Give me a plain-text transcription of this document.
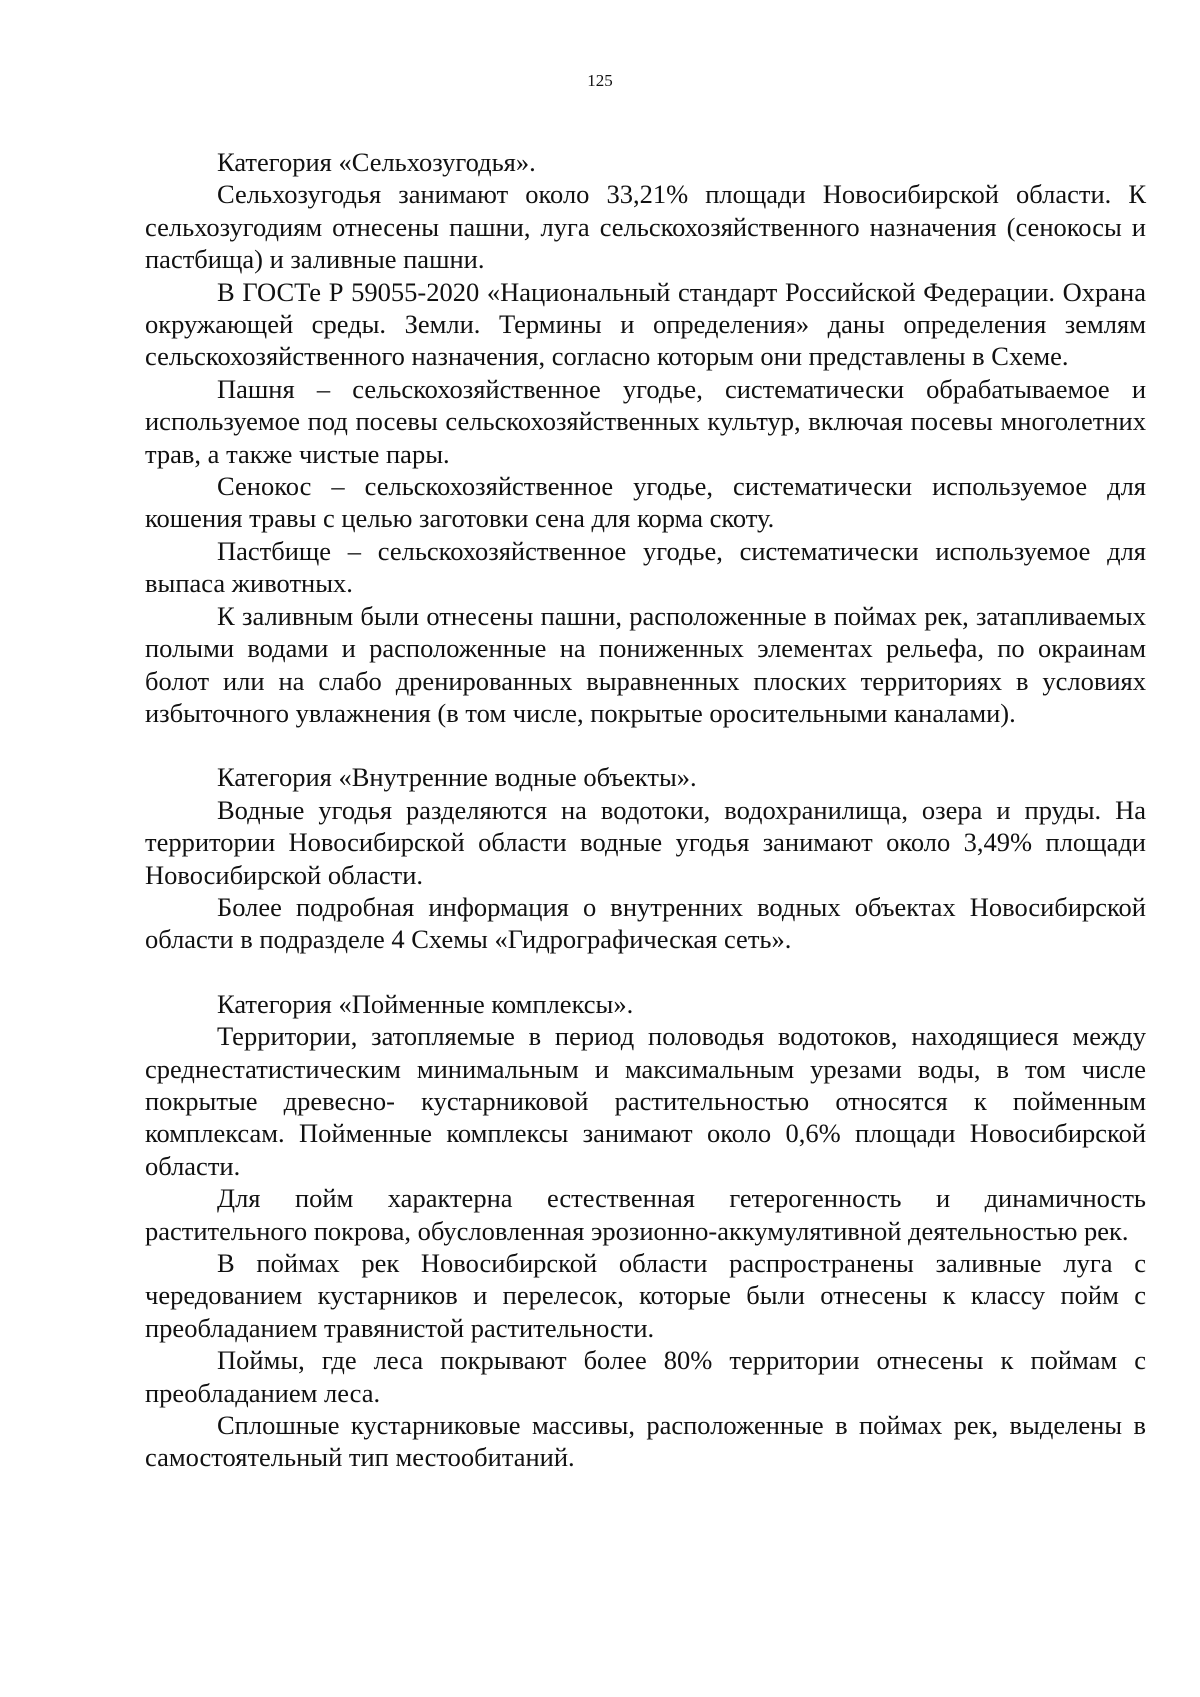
125

Категория «Сельхозугодья».

Сельхозугодья занимают около 33,21% площади Новосибирской области. К сельхозугодиям отнесены пашни, луга сельскохозяйственного назначения (сенокосы и пастбища) и заливные пашни.

В ГОСТе Р 59055-2020 «Национальный стандарт Российской Федерации. Охрана окружающей среды. Земли. Термины и определения» даны определения землям сельскохозяйственного назначения, согласно которым они представлены в Схеме.

Пашня – сельскохозяйственное угодье, систематически обрабатываемое и используемое под посевы сельскохозяйственных культур, включая посевы многолетних трав, а также чистые пары.

Сенокос – сельскохозяйственное угодье, систематически используемое для кошения травы с целью заготовки сена для корма скоту.

Пастбище – сельскохозяйственное угодье, систематически используемое для выпаса животных.

К заливным были отнесены пашни, расположенные в поймах рек, затапливаемых полыми водами и расположенные на пониженных элементах рельефа, по окраинам болот или на слабо дренированных выравненных плоских территориях в условиях избыточного увлажнения (в том числе, покрытые оросительными каналами).

Категория «Внутренние водные объекты».

Водные угодья разделяются на водотоки, водохранилища, озера и пруды. На территории Новосибирской области водные угодья занимают около 3,49% площади Новосибирской области.

Более подробная информация о внутренних водных объектах Новосибирской области в подразделе 4 Схемы «Гидрографическая сеть».

Категория «Пойменные комплексы».

Территории, затопляемые в период половодья водотоков, находящиеся между среднестатистическим минимальным и максимальным урезами воды, в том числе покрытые древесно- кустарниковой растительностью относятся к пойменным комплексам. Пойменные комплексы занимают около 0,6% площади Новосибирской области.

Для пойм характерна естественная гетерогенность и динамичность растительного покрова, обусловленная эрозионно-аккумулятивной деятельностью рек.

В поймах рек Новосибирской области распространены заливные луга с чередованием кустарников и перелесок, которые были отнесены к классу пойм с преобладанием травянистой растительности.

Поймы, где леса покрывают более 80% территории отнесены к поймам с преобладанием леса.

Сплошные кустарниковые массивы, расположенные в поймах рек, выделены в самостоятельный тип местообитаний.
